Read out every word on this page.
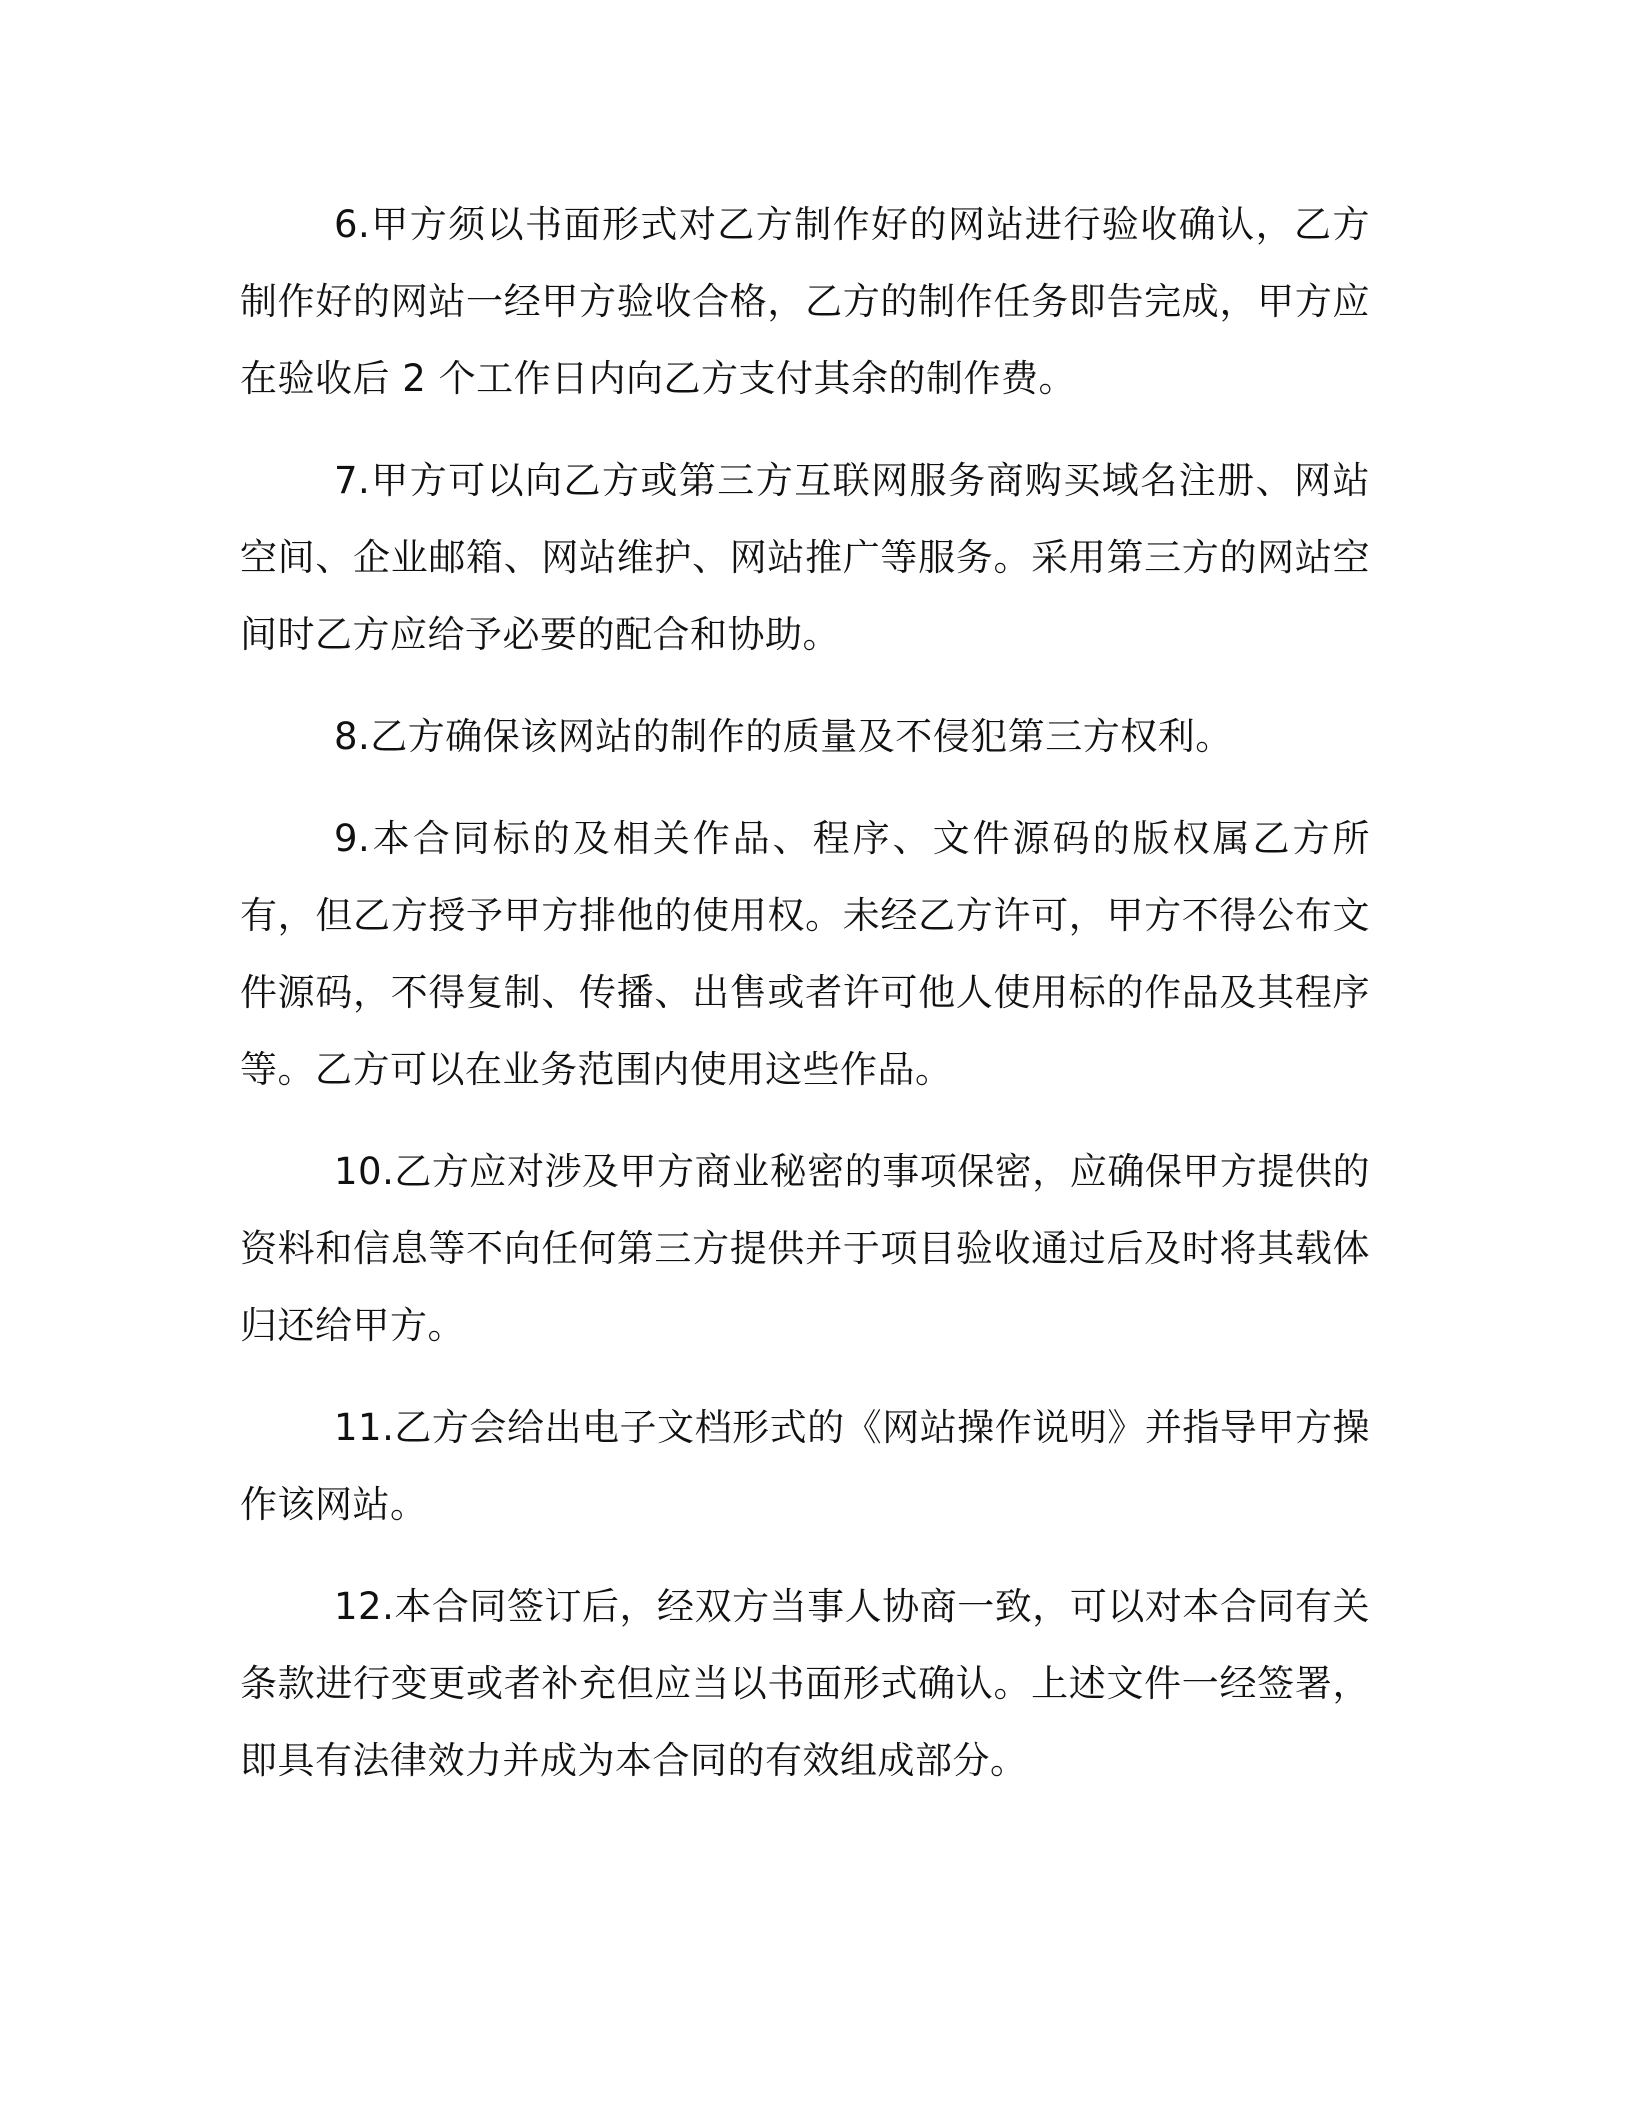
6.甲方须以书面形式对乙方制作好的网站进行验收确认，乙方制作好的网站一经甲方验收合格，乙方的制作任务即告完成，甲方应在验收后 2 个工作日内向乙方支付其余的制作费。

7.甲方可以向乙方或第三方互联网服务商购买域名注册、网站空间、企业邮箱、网站维护、网站推广等服务。采用第三方的网站空间时乙方应给予必要的配合和协助。

8.乙方确保该网站的制作的质量及不侵犯第三方权利。

9.本合同标的及相关作品、程序、文件源码的版权属乙方所有，但乙方授予甲方排他的使用权。未经乙方许可，甲方不得公布文件源码，不得复制、传播、出售或者许可他人使用标的作品及其程序等。乙方可以在业务范围内使用这些作品。

10.乙方应对涉及甲方商业秘密的事项保密，应确保甲方提供的资料和信息等不向任何第三方提供并于项目验收通过后及时将其载体归还给甲方。

11.乙方会给出电子文档形式的《网站操作说明》并指导甲方操作该网站。

12.本合同签订后，经双方当事人协商一致，可以对本合同有关条款进行变更或者补充但应当以书面形式确认。上述文件一经签署，即具有法律效力并成为本合同的有效组成部分。
